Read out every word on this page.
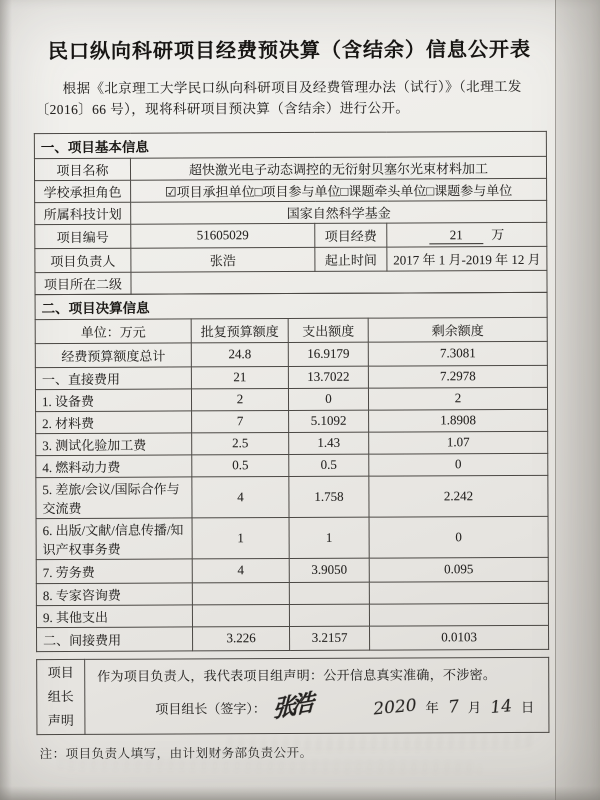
民口纵向科研项目经费预决算（含结余）信息公开表

根据《北京理工大学民口纵向科研项目及经费管理办法（试行）》（北理工发〔2016〕66 号），现将科研项目预决算（含结余）进行公开。

一、项目基本信息			
项目名称	超快激光电子动态调控的无衍射贝塞尔光束材料加工		
学校承担角色	☑项目承担单位□项目参与单位□课题牵头单位□课题参与单位		
所属科技计划	国家自然科学基金		
项目编号	51605029	项目经费	21 万
项目负责人	张浩	起止时间	2017 年 1 月-2019 年 12 月
项目所在二级			
二、项目决算信息			
单位：万元	批复预算额度	支出额度	剩余额度
经费预算额度总计	24.8	16.9179	7.3081
一、直接费用	21	13.7022	7.2978
1. 设备费	2	0	2
2. 材料费	7	5.1092	1.8908
3. 测试化验加工费	2.5	1.43	1.07
4. 燃料动力费	0.5	0.5	0
5. 差旅/会议/国际合作与交流费	4	1.758	2.242
6. 出版/文献/信息传播/知识产权事务费	1	1	0
7. 劳务费	4	3.9050	0.095
8. 专家咨询费			
9. 其他支出			
二、间接费用	3.226	3.2157	0.0103
项目
组长
声明

作为项目负责人，我代表项目组声明：公开信息真实准确，不涉密。

项目组长（签字）： 张浩	2020 年 7 月 14 日

注：项目负责人填写，由计划财务部负责公开。
